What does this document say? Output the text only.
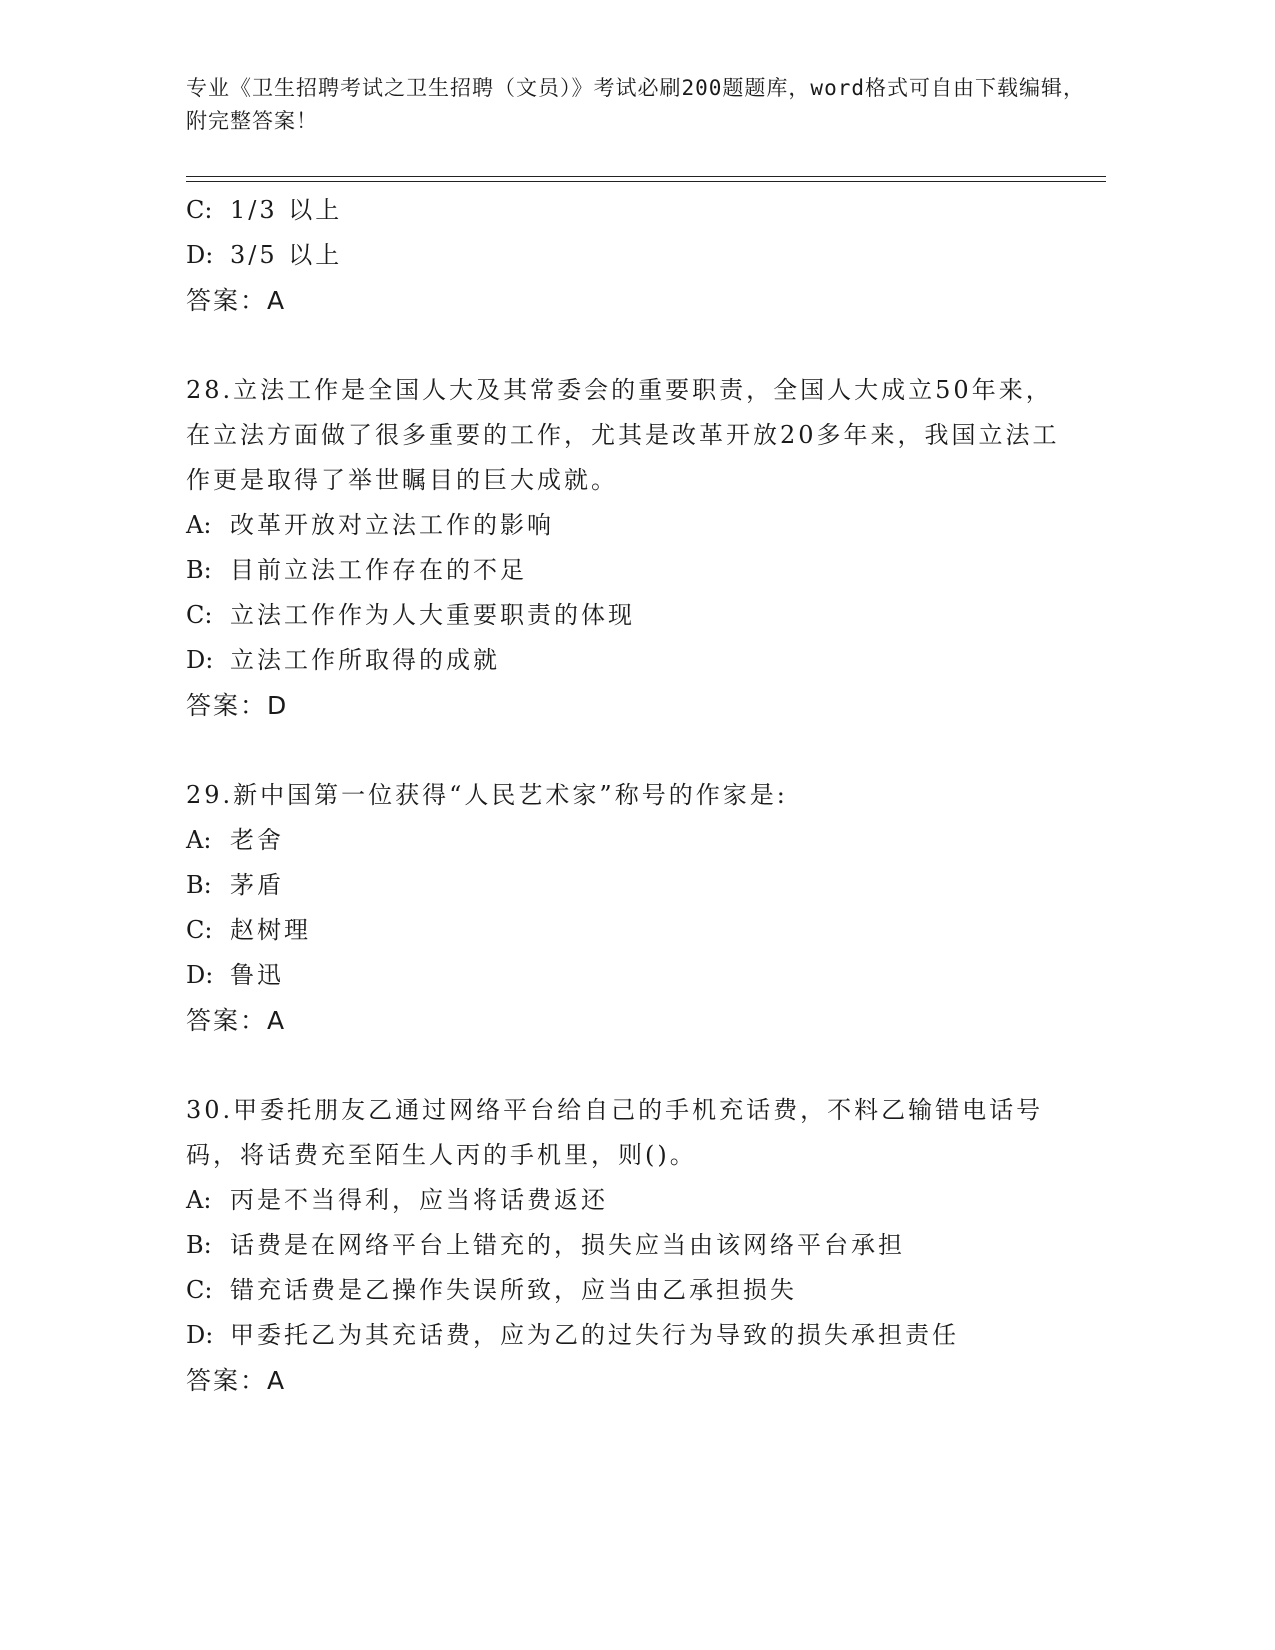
专业《卫生招聘考试之卫生招聘（文员）》考试必刷200题题库，word格式可自由下载编辑，附完整答案！
C: 1/3 以上
D: 3/5 以上
答案：A
28.立法工作是全国人大及其常委会的重要职责，全国人大成立50年来，在立法方面做了很多重要的工作，尤其是改革开放20多年来，我国立法工作更是取得了举世瞩目的巨大成就。
A: 改革开放对立法工作的影响
B: 目前立法工作存在的不足
C: 立法工作作为人大重要职责的体现
D: 立法工作所取得的成就
答案：D
29.新中国第一位获得“人民艺术家”称号的作家是:
A: 老舍
B: 茅盾
C: 赵树理
D: 鲁迅
答案：A
30.甲委托朋友乙通过网络平台给自己的手机充话费，不料乙输错电话号码，将话费充至陌生人丙的手机里，则()。
A: 丙是不当得利，应当将话费返还
B: 话费是在网络平台上错充的，损失应当由该网络平台承担
C: 错充话费是乙操作失误所致，应当由乙承担损失
D: 甲委托乙为其充话费，应为乙的过失行为导致的损失承担责任
答案：A
